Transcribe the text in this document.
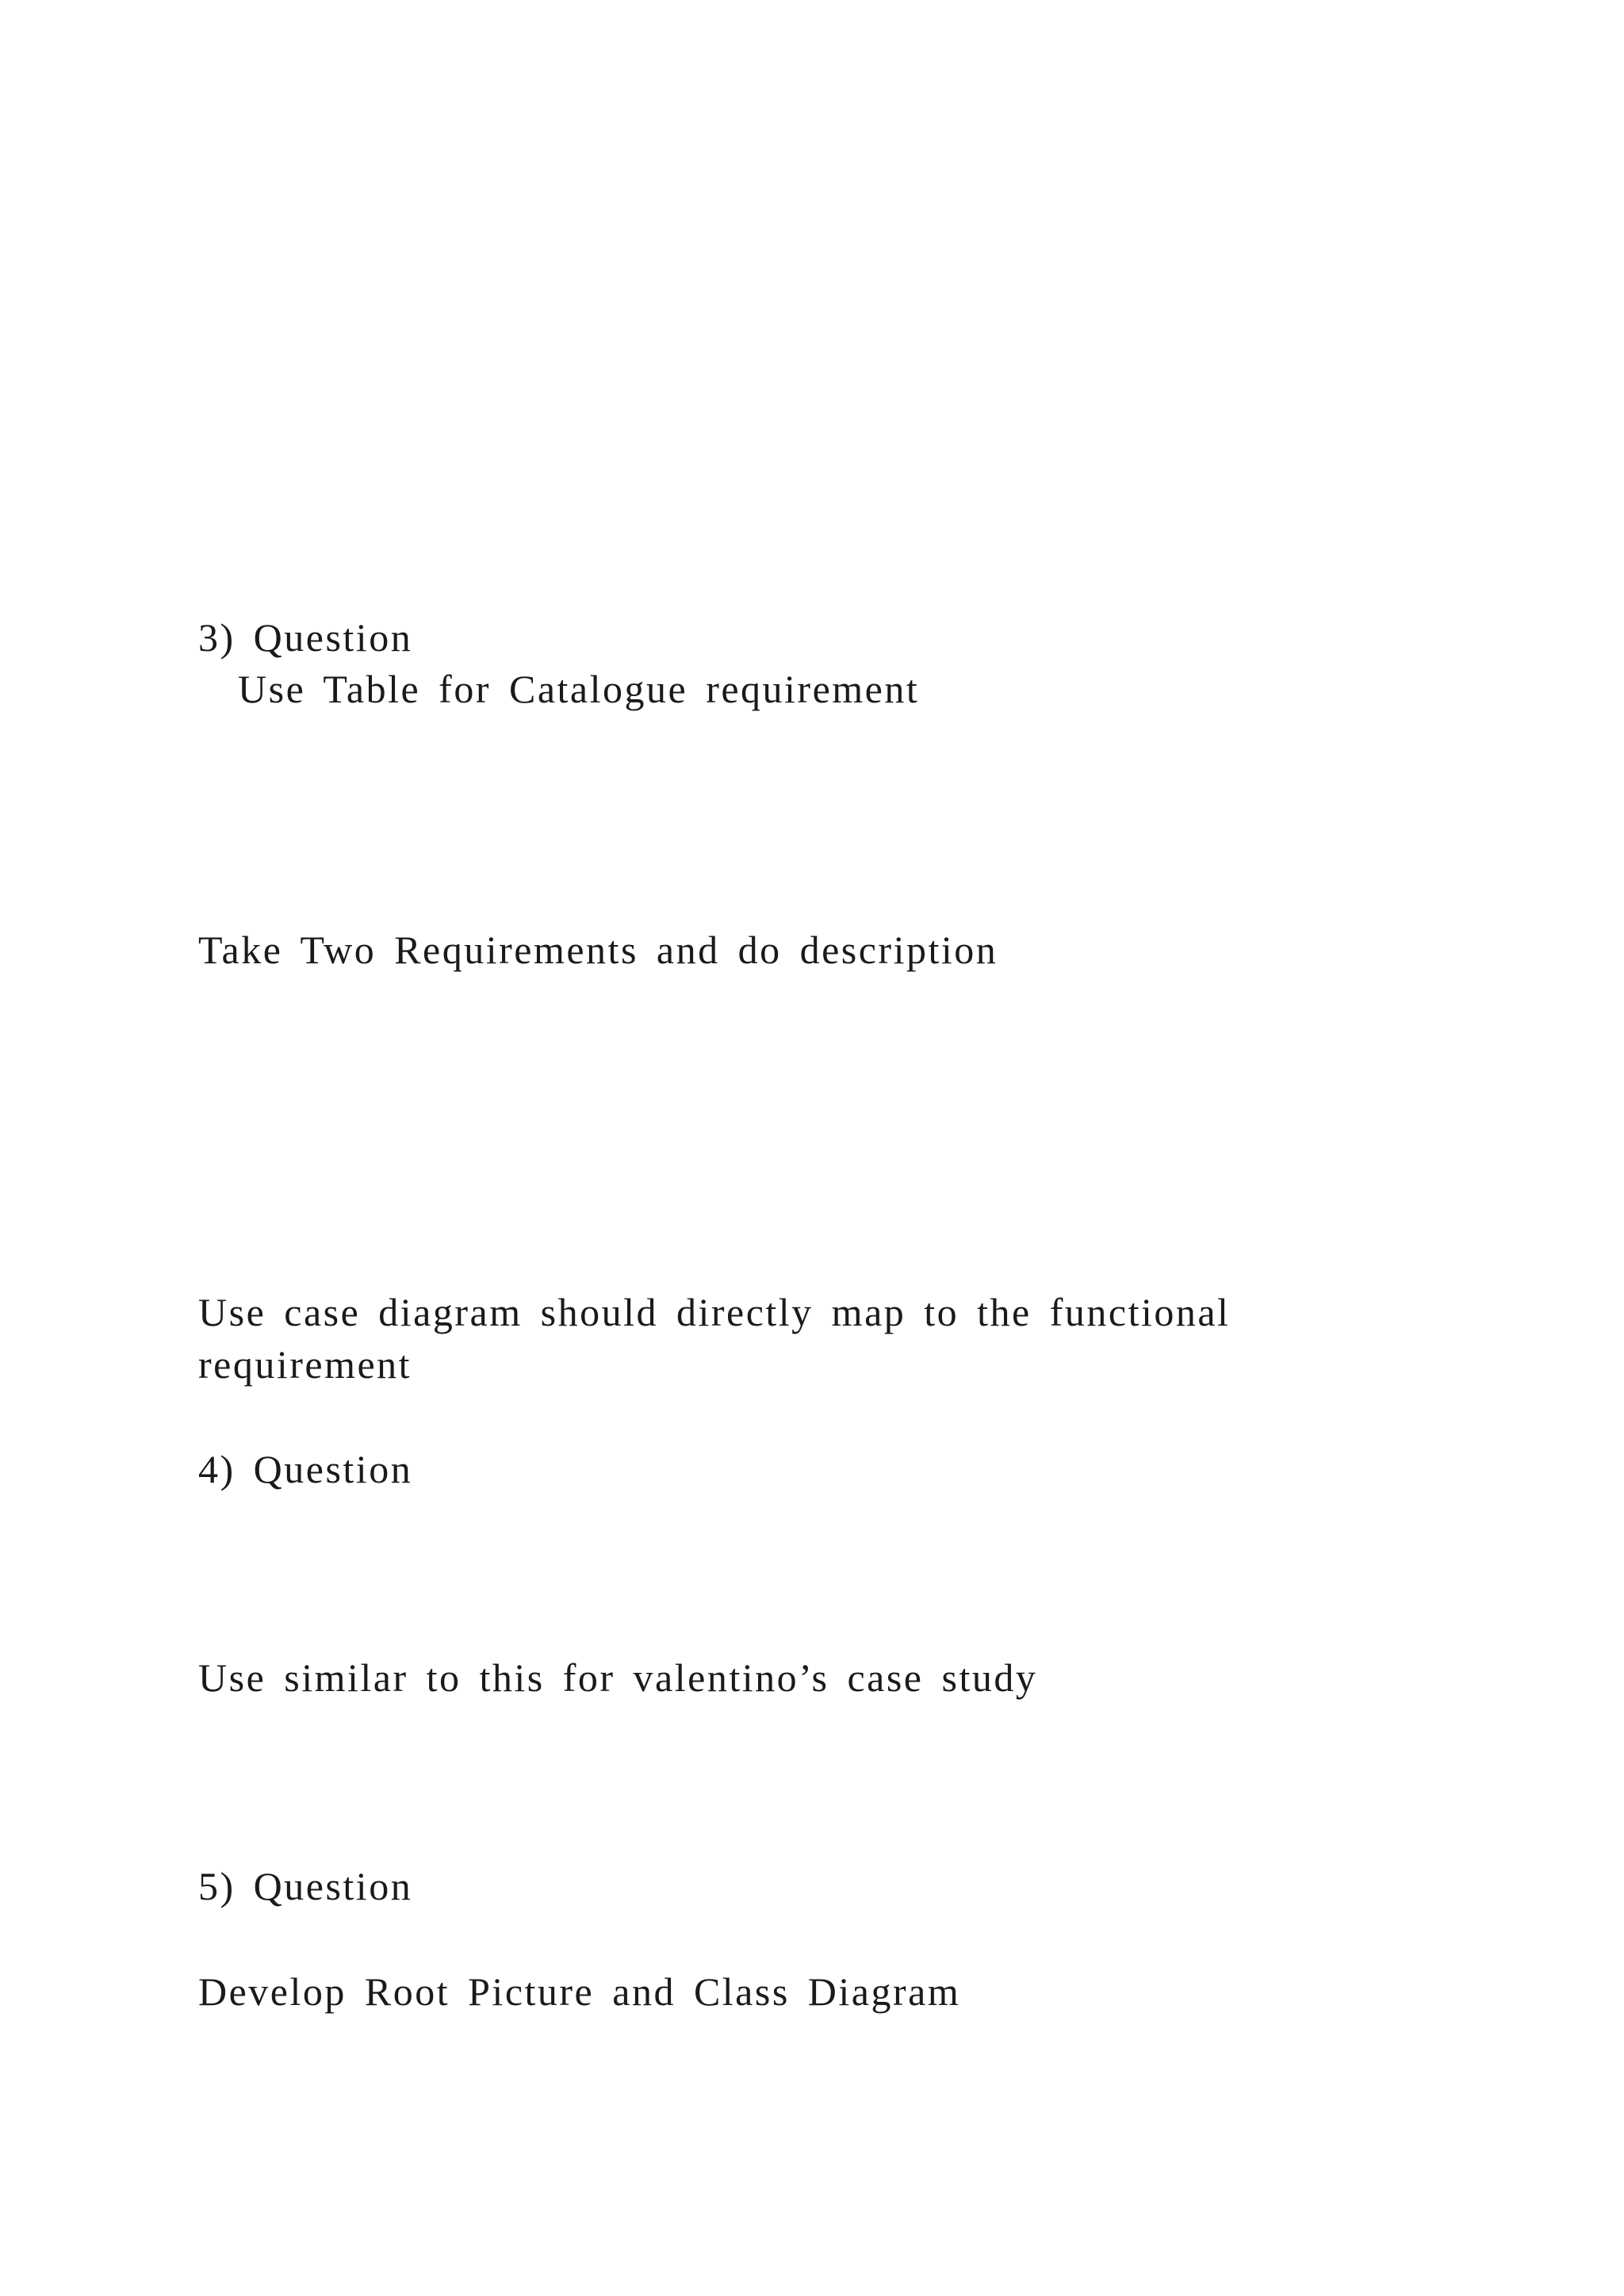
3) Question

Use Table for Catalogue requirement

Take Two Requirements and do description

Use case diagram should directly map to the functional

requirement

4) Question

Use similar to this for valentino’s case study

5) Question

Develop Root Picture and Class Diagram
